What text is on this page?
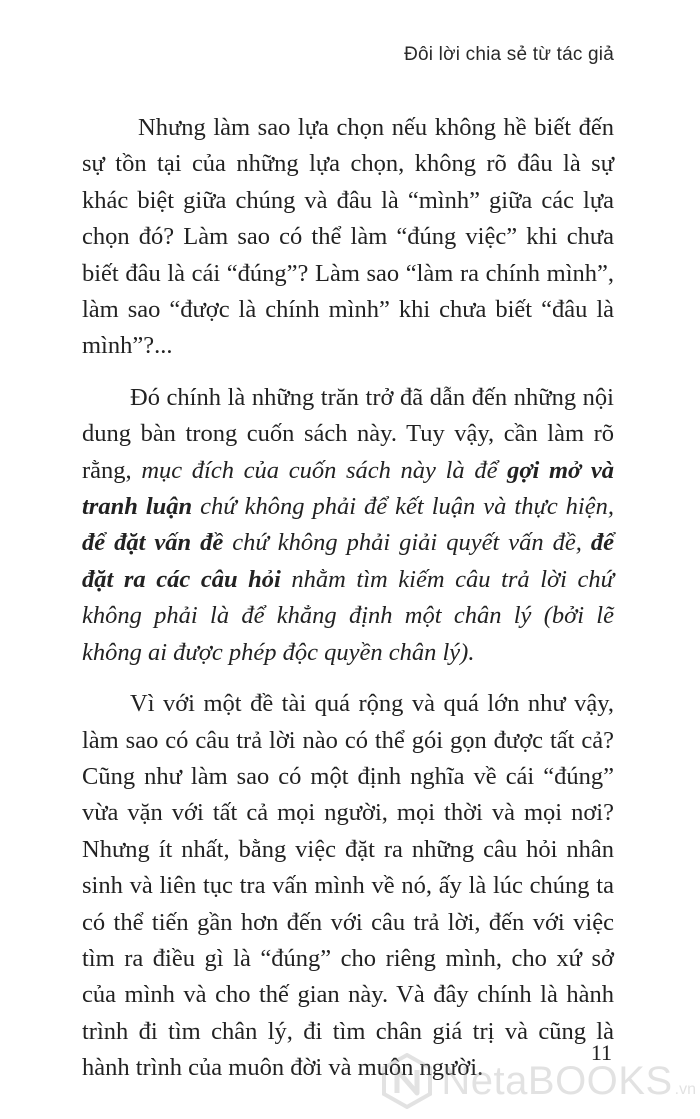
Đôi lời chia sẻ từ tác giả

Nhưng làm sao lựa chọn nếu không hề biết đến sự tồn tại của những lựa chọn, không rõ đâu là sự khác biệt giữa chúng và đâu là “mình” giữa các lựa chọn đó? Làm sao có thể làm “đúng việc” khi chưa biết đâu là cái “đúng”? Làm sao “làm ra chính mình”, làm sao “được là chính mình” khi chưa biết “đâu là mình”?...

Đó chính là những trăn trở đã dẫn đến những nội dung bàn trong cuốn sách này. Tuy vậy, cần làm rõ rằng, mục đích của cuốn sách này là để gợi mở và tranh luận chứ không phải để kết luận và thực hiện, để đặt vấn đề chứ không phải giải quyết vấn đề, để đặt ra các câu hỏi nhằm tìm kiếm câu trả lời chứ không phải là để khẳng định một chân lý (bởi lẽ không ai được phép độc quyền chân lý).

Vì với một đề tài quá rộng và quá lớn như vậy, làm sao có câu trả lời nào có thể gói gọn được tất cả? Cũng như làm sao có một định nghĩa về cái “đúng” vừa vặn với tất cả mọi người, mọi thời và mọi nơi? Nhưng ít nhất, bằng việc đặt ra những câu hỏi nhân sinh và liên tục tra vấn mình về nó, ấy là lúc chúng ta có thể tiến gần hơn đến với câu trả lời, đến với việc tìm ra điều gì là “đúng” cho riêng mình, cho xứ sở của mình và cho thế gian này. Và đây chính là hành trình đi tìm chân lý, đi tìm chân giá trị và cũng là hành trình của muôn đời và muôn người.

11
NetaBOOKS .vn
